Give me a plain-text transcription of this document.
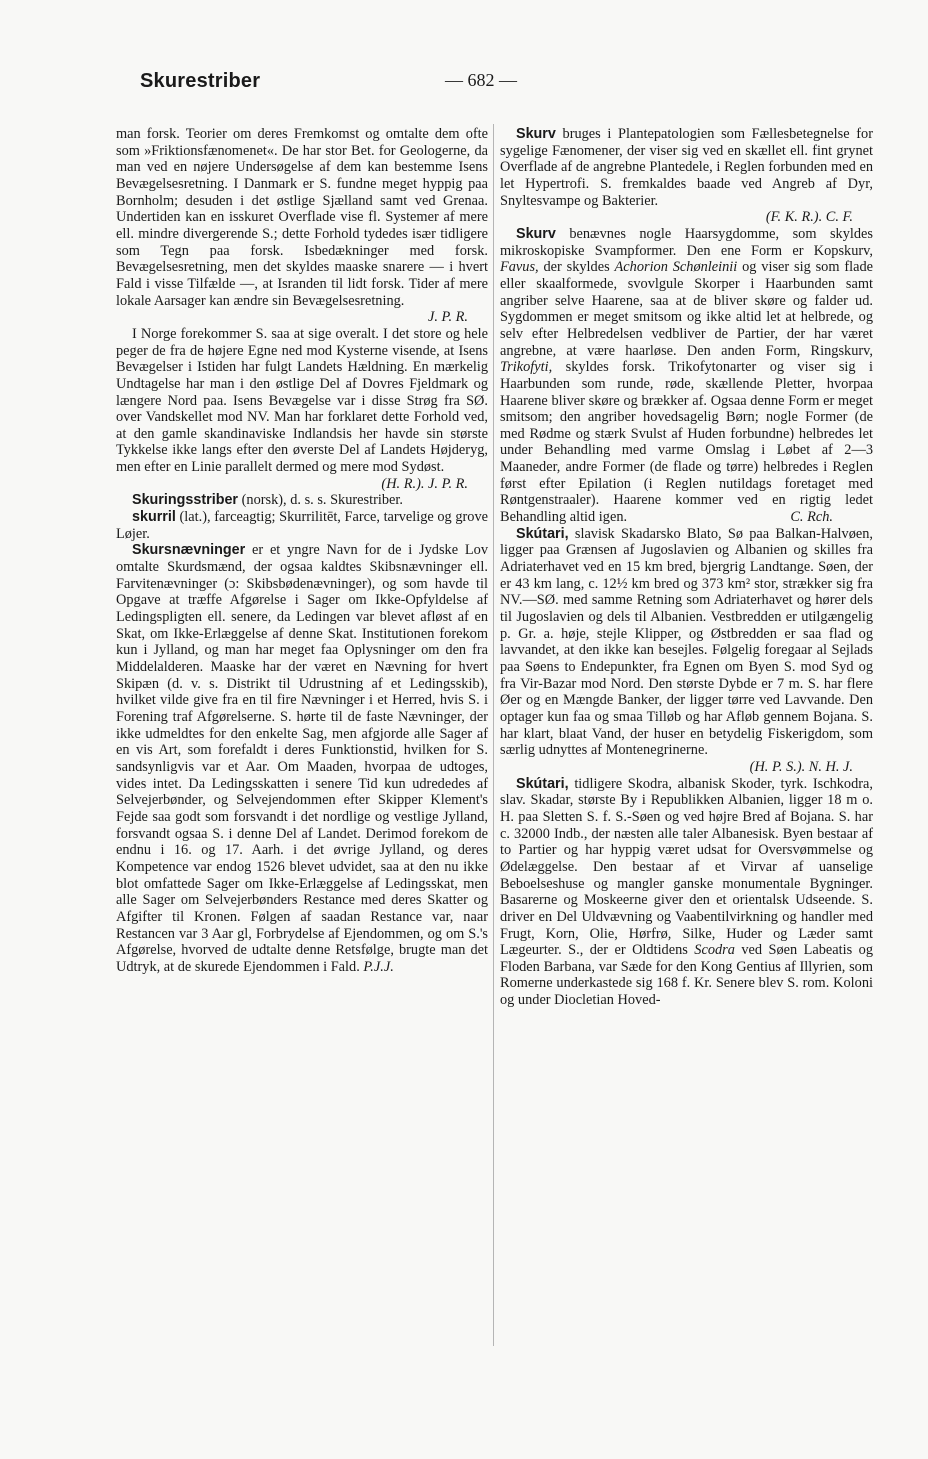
Skurestriber	— 682 —

man forsk. Teorier om deres Fremkomst og omtalte dem ofte som »Friktionsfænomenet«. De har stor Bet. for Geologerne, da man ved en nøjere Undersøgelse af dem kan bestemme Isens Bevægelsesretning. I Danmark er S. fundne meget hyppig paa Bornholm; desuden i det østlige Sjælland samt ved Grenaa. Undertiden kan en isskuret Overflade vise fl. Systemer af mere ell. mindre divergerende S.; dette Forhold tydedes især tidligere som Tegn paa forsk. Isbedækninger med forsk. Bevægelsesretning, men det skyldes maaske snarere — i hvert Fald i visse Tilfælde —, at Isranden til lidt forsk. Tider af mere lokale Aarsager kan ændre sin Bevægelsesretning.

J. P. R.

I Norge forekommer S. saa at sige overalt. I det store og hele peger de fra de højere Egne ned mod Kysterne visende, at Isens Bevægelser i Istiden har fulgt Landets Hældning. En mærkelig Undtagelse har man i den østlige Del af Dovres Fjeldmark og længere Nord paa. Isens Bevægelse var i disse Strøg fra SØ. over Vandskellet mod NV. Man har forklaret dette Forhold ved, at den gamle skandinaviske Indlandsis her havde sin største Tykkelse ikke langs efter den øverste Del af Landets Højderyg, men efter en Linie parallelt dermed og mere mod Sydøst.

(H. R.). J. P. R.

Skuringsstriber (norsk), d. s. s. Skurestriber.

skurril (lat.), farceagtig; Skurrilitēt, Farce, tarvelige og grove Løjer.

Skursnævninger er et yngre Navn for de i Jydske Lov omtalte Skurdsmænd, der ogsaa kaldtes Skibsnævninger ell. Farvitenævninger (ɔ: Skibsbødenævninger), og som havde til Opgave at træffe Afgørelse i Sager om Ikke-Opfyldelse af Ledingspligten ell. senere, da Ledingen var blevet afløst af en Skat, om Ikke-Erlæggelse af denne Skat. Institutionen forekom kun i Jylland, og man har meget faa Oplysninger om den fra Middelalderen. Maaske har der været en Nævning for hvert Skipæn (d. v. s. Distrikt til Udrustning af et Ledingsskib), hvilket vilde give fra en til fire Nævninger i et Herred, hvis S. i Forening traf Afgørelserne. S. hørte til de faste Nævninger, der ikke udmeldtes for den enkelte Sag, men afgjorde alle Sager af en vis Art, som forefaldt i deres Funktionstid, hvilken for S. sandsynligvis var et Aar. Om Maaden, hvorpaa de udtoges, vides intet. Da Ledingsskatten i senere Tid kun udrededes af Selvejerbønder, og Selvejendommen efter Skipper Klement's Fejde saa godt som forsvandt i det nordlige og vestlige Jylland, forsvandt ogsaa S. i denne Del af Landet. Derimod forekom de endnu i 16. og 17. Aarh. i det øvrige Jylland, og deres Kompetence var endog 1526 blevet udvidet, saa at den nu ikke blot omfattede Sager om Ikke-Erlæggelse af Ledingsskat, men alle Sager om Selvejerbønders Restance med deres Skatter og Afgifter til Kronen. Følgen af saadan Restance var, naar Restancen var 3 Aar gl, Forbrydelse af Ejendommen, og om S.'s Afgørelse, hvorved de udtalte denne Retsfølge, brugte man det Udtryk, at de skurede Ejendommen i Fald. P.J.J.

Skurv bruges i Plantepatologien som Fællesbetegnelse for sygelige Fænomener, der viser sig ved en skællet ell. fint grynet Overflade af de angrebne Plantedele, i Reglen forbunden med en let Hypertrofi. S. fremkaldes baade ved Angreb af Dyr, Snyltesvampe og Bakterier.

(F. K. R.). C. F.

Skurv benævnes nogle Haarsygdomme, som skyldes mikroskopiske Svampformer. Den ene Form er Kopskurv, Favus, der skyldes Achorion Schønleinii og viser sig som flade eller skaalformede, svovlgule Skorper i Haarbunden samt angriber selve Haarene, saa at de bliver skøre og falder ud. Sygdommen er meget smitsom og ikke altid let at helbrede, og selv efter Helbredelsen vedbliver de Partier, der har været angrebne, at være haarløse. Den anden Form, Ringskurv, Trikofyti, skyldes forsk. Trikofytonarter og viser sig i Haarbunden som runde, røde, skællende Pletter, hvorpaa Haarene bliver skøre og brækker af. Ogsaa denne Form er meget smitsom; den angriber hovedsagelig Børn; nogle Former (de med Rødme og stærk Svulst af Huden forbundne) helbredes let under Behandling med varme Omslag i Løbet af 2—3 Maaneder, andre Former (de flade og tørre) helbredes i Reglen først efter Epilation (i Reglen nutildags foretaget med Røntgenstraaler). Haarene kommer ved en rigtig ledet Behandling altid igen.	C. Rch.

Skútari, slavisk Skadarsko Blato, Sø paa Balkan-Halvøen, ligger paa Grænsen af Jugoslavien og Albanien og skilles fra Adriaterhavet ved en 15 km bred, bjergrig Landtange. Søen, der er 43 km lang, c. 12½ km bred og 373 km² stor, strækker sig fra NV.—SØ. med samme Retning som Adriaterhavet og hører dels til Jugoslavien og dels til Albanien. Vestbredden er utilgængelig p. Gr. a. høje, stejle Klipper, og Østbredden er saa flad og lavvandet, at den ikke kan besejles. Følgelig foregaar al Sejlads paa Søens to Endepunkter, fra Egnen om Byen S. mod Syd og fra Vir-Bazar mod Nord. Den største Dybde er 7 m. S. har flere Øer og en Mængde Banker, der ligger tørre ved Lavvande. Den optager kun faa og smaa Tilløb og har Afløb gennem Bojana. S. har klart, blaat Vand, der huser en betydelig Fiskerigdom, som særlig udnyttes af Montenegrinerne.

(H. P. S.). N. H. J.

Skútari, tidligere Skodra, albanisk Skoder, tyrk. Ischkodra, slav. Skadar, største By i Republikken Albanien, ligger 18 m o. H. paa Sletten S. f. S.-Søen og ved højre Bred af Bojana. S. har c. 32000 Indb., der næsten alle taler Albanesisk. Byen bestaar af to Partier og har hyppig været udsat for Oversvømmelse og Ødelæggelse. Den bestaar af et Virvar af uanselige Beboelseshuse og mangler ganske monumentale Bygninger. Basarerne og Moskeerne giver den et orientalsk Udseende. S. driver en Del Uldvævning og Vaabentilvirkning og handler med Frugt, Korn, Olie, Hørfrø, Silke, Huder og Læder samt Lægeurter. S., der er Oldtidens Scodra ved Søen Labeatis og Floden Barbana, var Sæde for den Kong Gentius af Illyrien, som Romerne underkastede sig 168 f. Kr. Senere blev S. rom. Koloni og under Diocletian Hoved-
